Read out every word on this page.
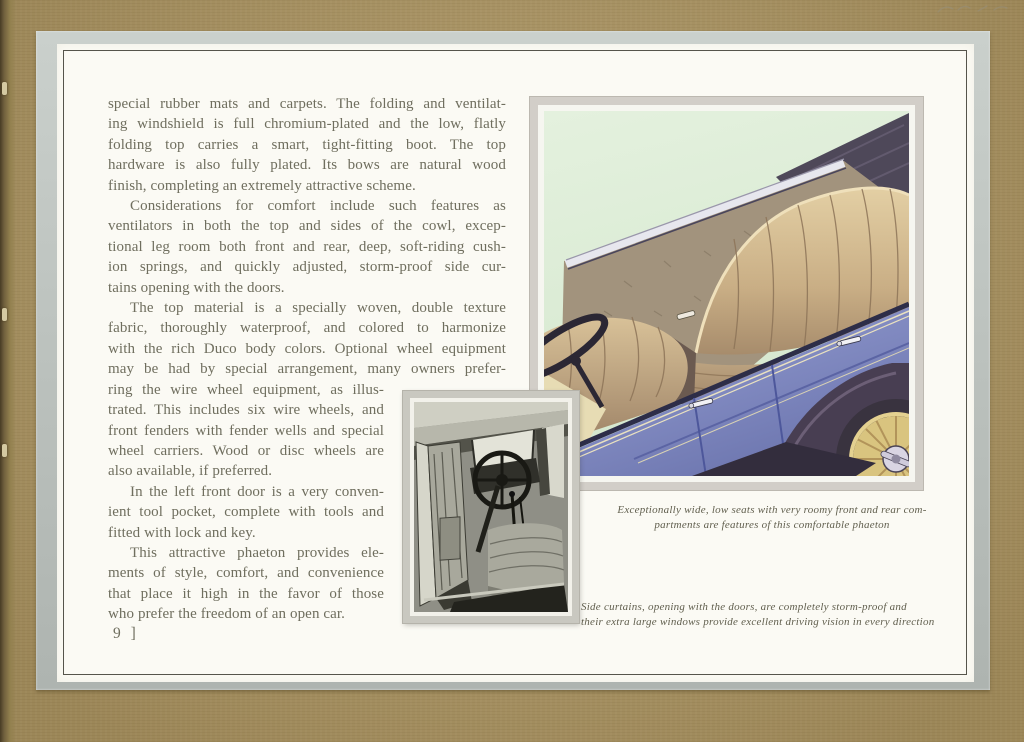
special rubber mats and carpets. The folding and ventilat-
ing windshield is full chromium-plated and the low, flatly
folding top carries a smart, tight-fitting boot. The top
hardware is also fully plated. Its bows are natural wood
finish, completing an extremely attractive scheme.
Considerations for comfort include such features as
ventilators in both the top and sides of the cowl, excep-
tional leg room both front and rear, deep, soft-riding cush-
ion springs, and quickly adjusted, storm-proof side cur-
tains opening with the doors.
The top material is a specially woven, double texture
fabric, thoroughly waterproof, and colored to harmonize
with the rich Duco body colors. Optional wheel equipment
may be had by special arrangement, many owners prefer-
ring the wire wheel equipment, as illus-
trated. This includes six wire wheels, and
front fenders with fender wells and special
wheel carriers. Wood or disc wheels are
also available, if preferred.
In the left front door is a very conven-
ient tool pocket, complete with tools and
fitted with lock and key.
This attractive phaeton provides ele-
ments of style, comfort, and convenience
that place it high in the favor of those
who prefer the freedom of an open car.
9 ]
Exceptionally wide, low seats with very roomy front and rear com-
partments are features of this comfortable phaeton
Side curtains, opening with the doors, are completely storm-proof and
their extra large windows provide excellent driving vision in every direction
